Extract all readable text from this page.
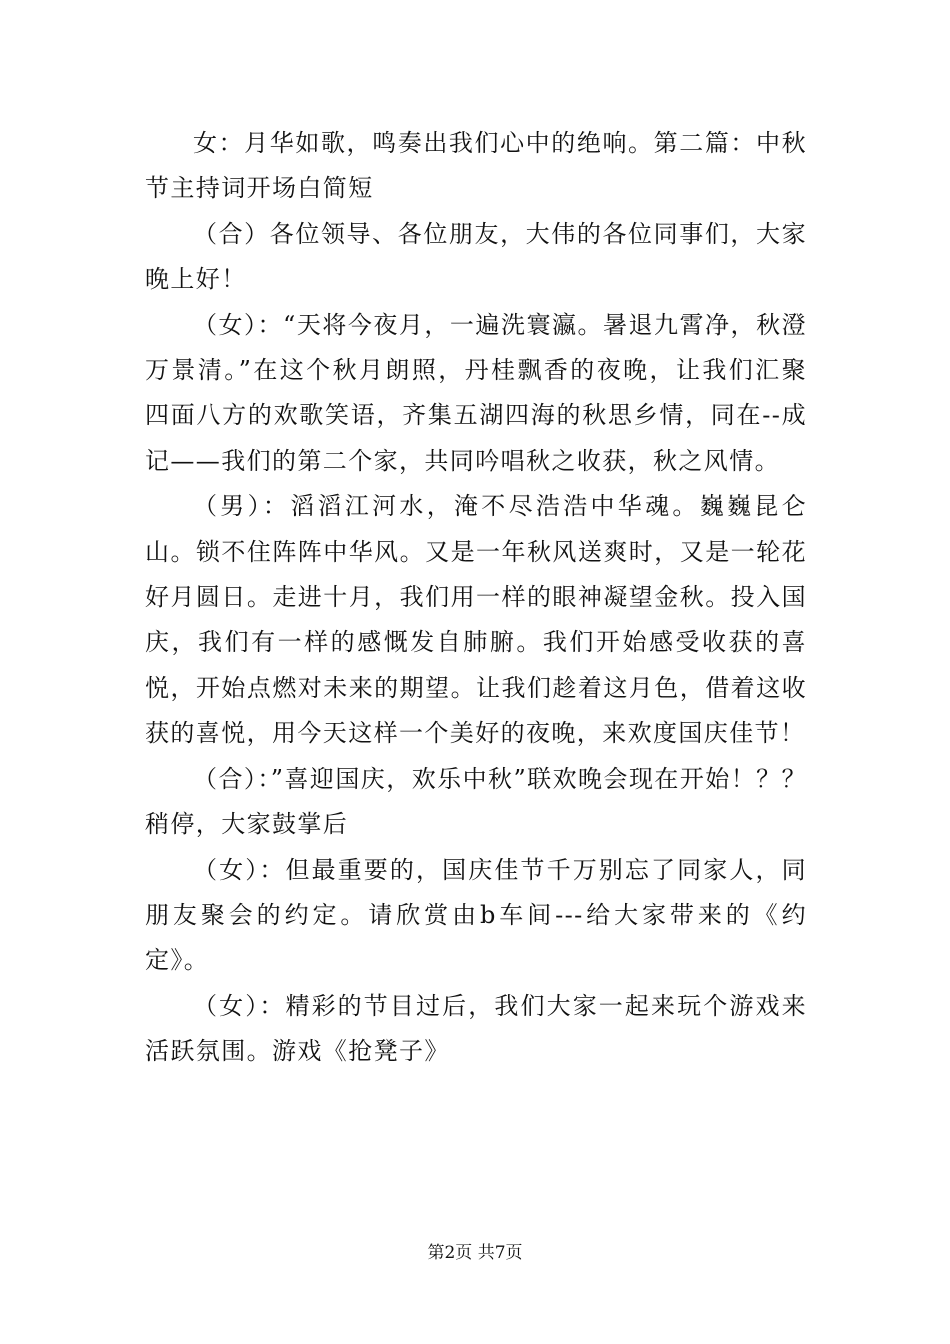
女：月华如歌，鸣奏出我们心中的绝响。第二篇：中秋节主持词开场白简短

（合）各位领导、各位朋友，大伟的各位同事们，大家晚上好！

（女）：“天将今夜月，一遍洗寰瀛。暑退九霄净，秋澄万景清。”在这个秋月朗照，丹桂飘香的夜晚，让我们汇聚四面八方的欢歌笑语，齐集五湖四海的秋思乡情，同在--成记——我们的第二个家，共同吟唱秋之收获，秋之风情。

（男）：滔滔江河水，淹不尽浩浩中华魂。巍巍昆仑山。锁不住阵阵中华风。又是一年秋风送爽时，又是一轮花好月圆日。走进十月，我们用一样的眼神凝望金秋。投入国庆，我们有一样的感慨发自肺腑。我们开始感受收获的喜悦，开始点燃对未来的期望。让我们趁着这月色，借着这收获的喜悦，用今天这样一个美好的夜晚，来欢度国庆佳节！

（合）：”喜迎国庆，欢乐中秋”联欢晚会现在开始！？？稍停，大家鼓掌后

（女）：但最重要的，国庆佳节千万别忘了同家人，同朋友聚会的约定。请欣赏由b车间---给大家带来的《约定》。

（女）：精彩的节目过后，我们大家一起来玩个游戏来活跃氛围。游戏《抢凳子》

第2页 共7页
